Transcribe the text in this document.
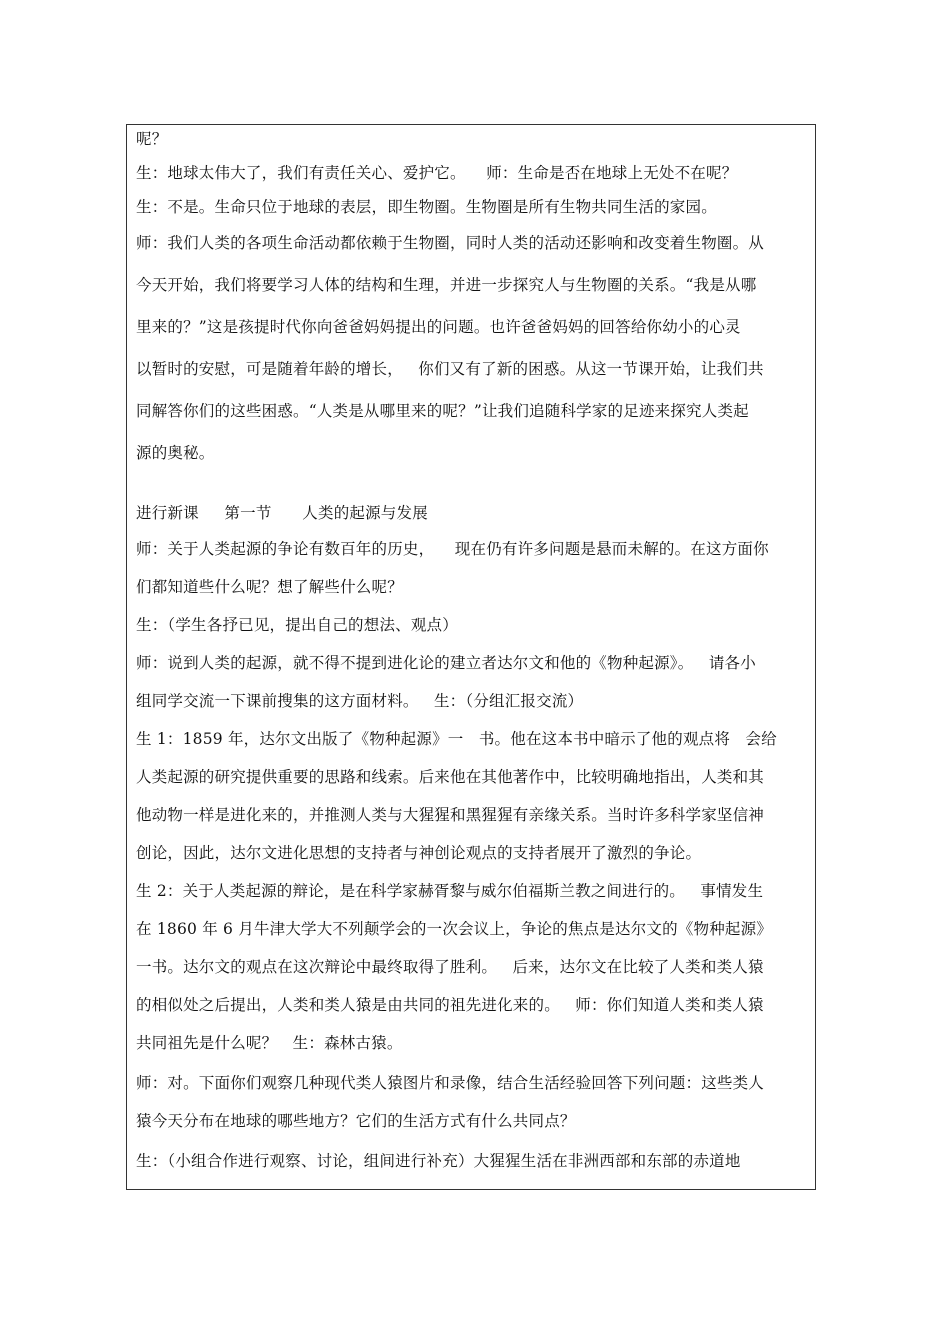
呢？
生：地球太伟大了，我们有责任关心、爱护它。    师：生命是否在地球上无处不在呢？
生：不是。生命只位于地球的表层，即生物圈。生物圈是所有生物共同生活的家园。
师：我们人类的各项生命活动都依赖于生物圈，同时人类的活动还影响和改变着生物圈。从
今天开始，我们将要学习人体的结构和生理，并进一步探究人与生物圈的关系。“我是从哪
里来的？”这是孩提时代你向爸爸妈妈提出的问题。也许爸爸妈妈的回答给你幼小的心灵
以暂时的安慰，可是随着年龄的增长，   你们又有了新的困惑。从这一节课开始，让我们共
同解答你们的这些困惑。“人类是从哪里来的呢？”让我们追随科学家的足迹来探究人类起
源的奥秘。
进行新课     第一节      人类的起源与发展
师：关于人类起源的争论有数百年的历史，    现在仍有许多问题是悬而未解的。在这方面你
们都知道些什么呢？想了解些什么呢？
生：（学生各抒已见，提出自己的想法、观点）
师：说到人类的起源，就不得不提到进化论的建立者达尔文和他的《物种起源》。   请各小
组同学交流一下课前搜集的这方面材料。   生：（分组汇报交流）
生 1：1859 年，达尔文出版了《物种起源》一   书。他在这本书中暗示了他的观点将   会给
人类起源的研究提供重要的思路和线索。后来他在其他著作中，比较明确地指出，人类和其
他动物一样是进化来的，并推测人类与大猩猩和黑猩猩有亲缘关系。当时许多科学家坚信神
创论，因此，达尔文进化思想的支持者与神创论观点的支持者展开了激烈的争论。
生 2：关于人类起源的辩论，是在科学家赫胥黎与威尔伯福斯兰教之间进行的。   事情发生
在 1860 年 6 月牛津大学大不列颠学会的一次会议上，争论的焦点是达尔文的《物种起源》
一书。达尔文的观点在这次辩论中最终取得了胜利。   后来，达尔文在比较了人类和类人猿
的相似处之后提出，人类和类人猿是由共同的祖先进化来的。   师：你们知道人类和类人猿
共同祖先是什么呢？   生：森林古猿。
师：对。下面你们观察几种现代类人猿图片和录像，结合生活经验回答下列问题：这些类人
猿今天分布在地球的哪些地方？它们的生活方式有什么共同点？
生：（小组合作进行观察、讨论，组间进行补充）大猩猩生活在非洲西部和东部的赤道地
